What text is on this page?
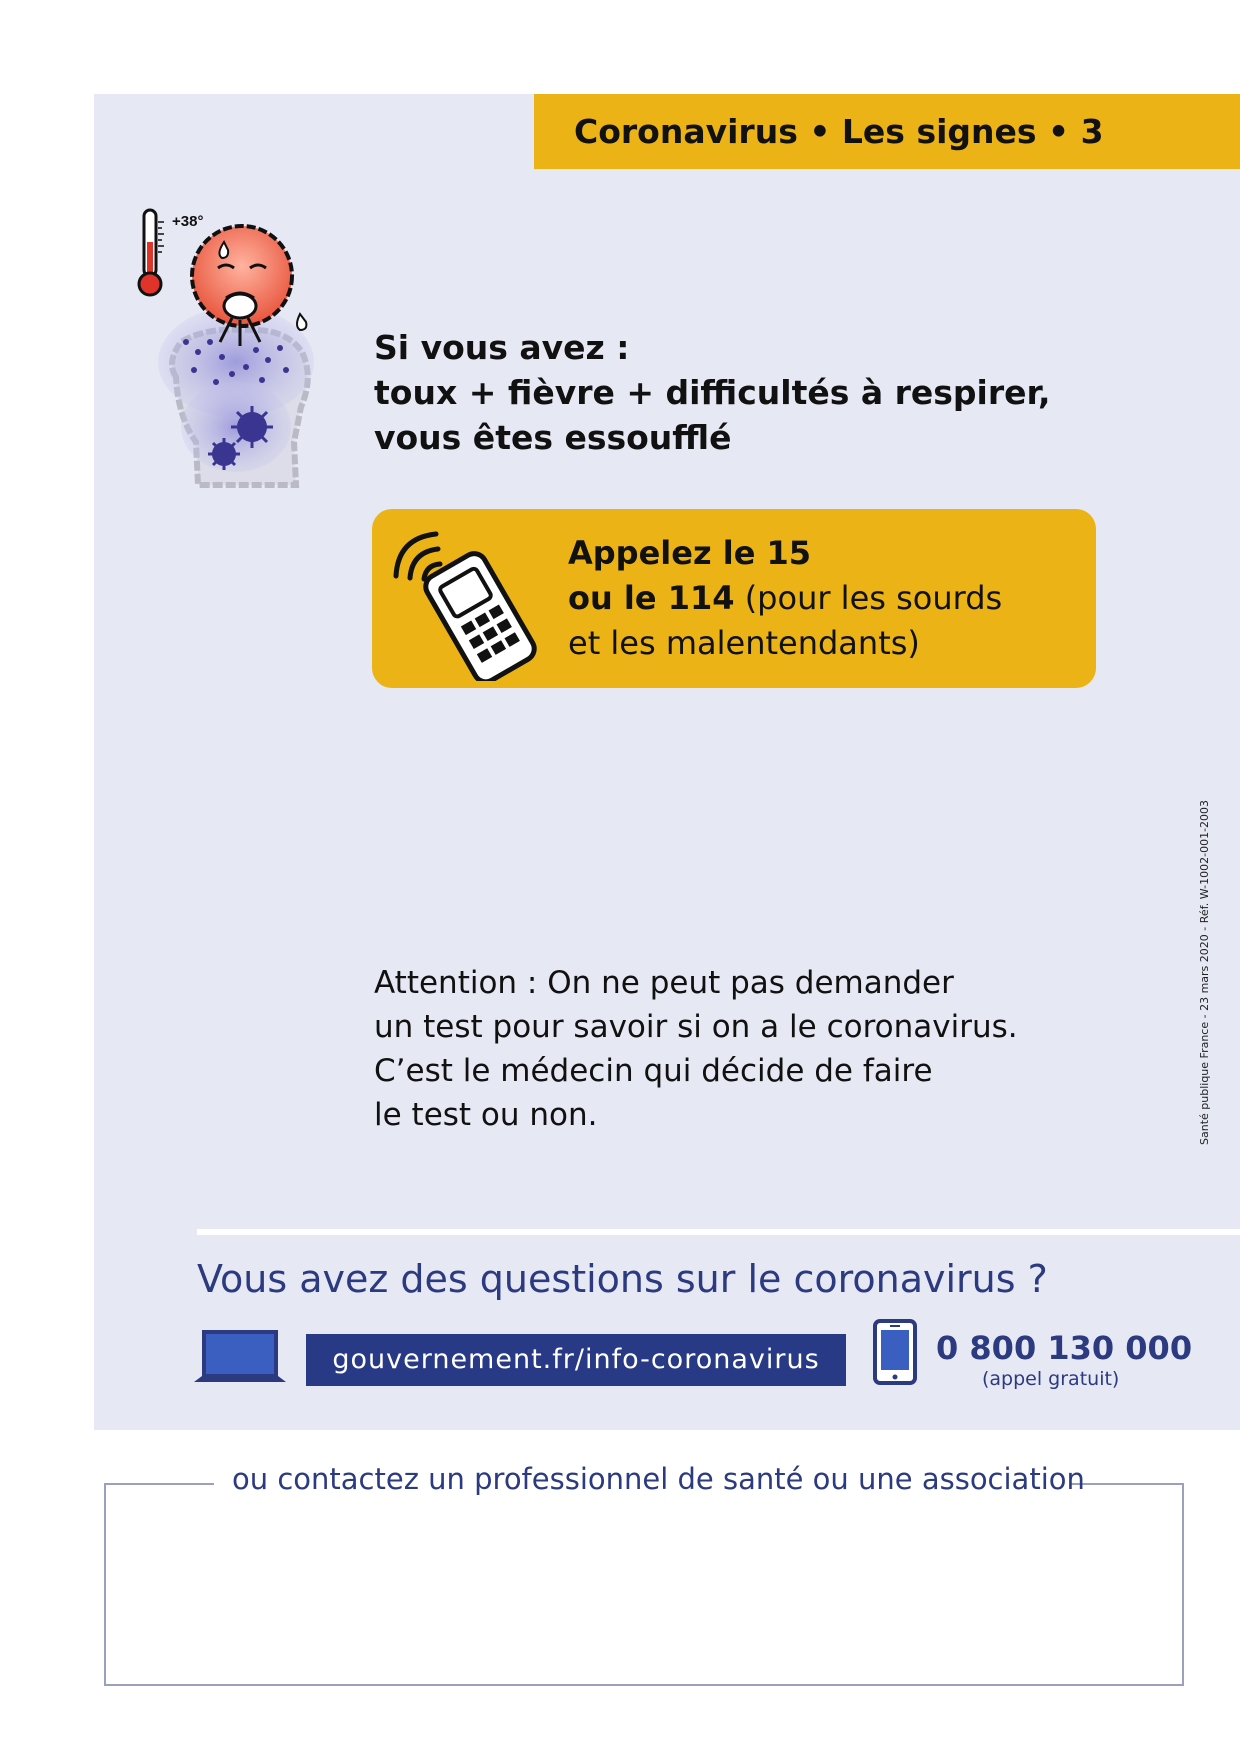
Coronavirus • Les signes • 3
+38°
Si vous avez :
toux + fièvre + difficultés à respirer,
vous êtes essoufflé
Appelez le 15
ou le 114 (pour les sourds
et les malentendants)
Attention : On ne peut pas demander
un test pour savoir si on a le coronavirus.
C’est le médecin qui décide de faire
le test ou non.	Santé publique France - 23 mars 2020 - Réf. W-1002-001-2003
Vous avez des questions sur le coronavirus ?
gouvernement.fr/info-coronavirus	0 800 130 000
(appel gratuit)
ou contactez un professionnel de santé ou une association
